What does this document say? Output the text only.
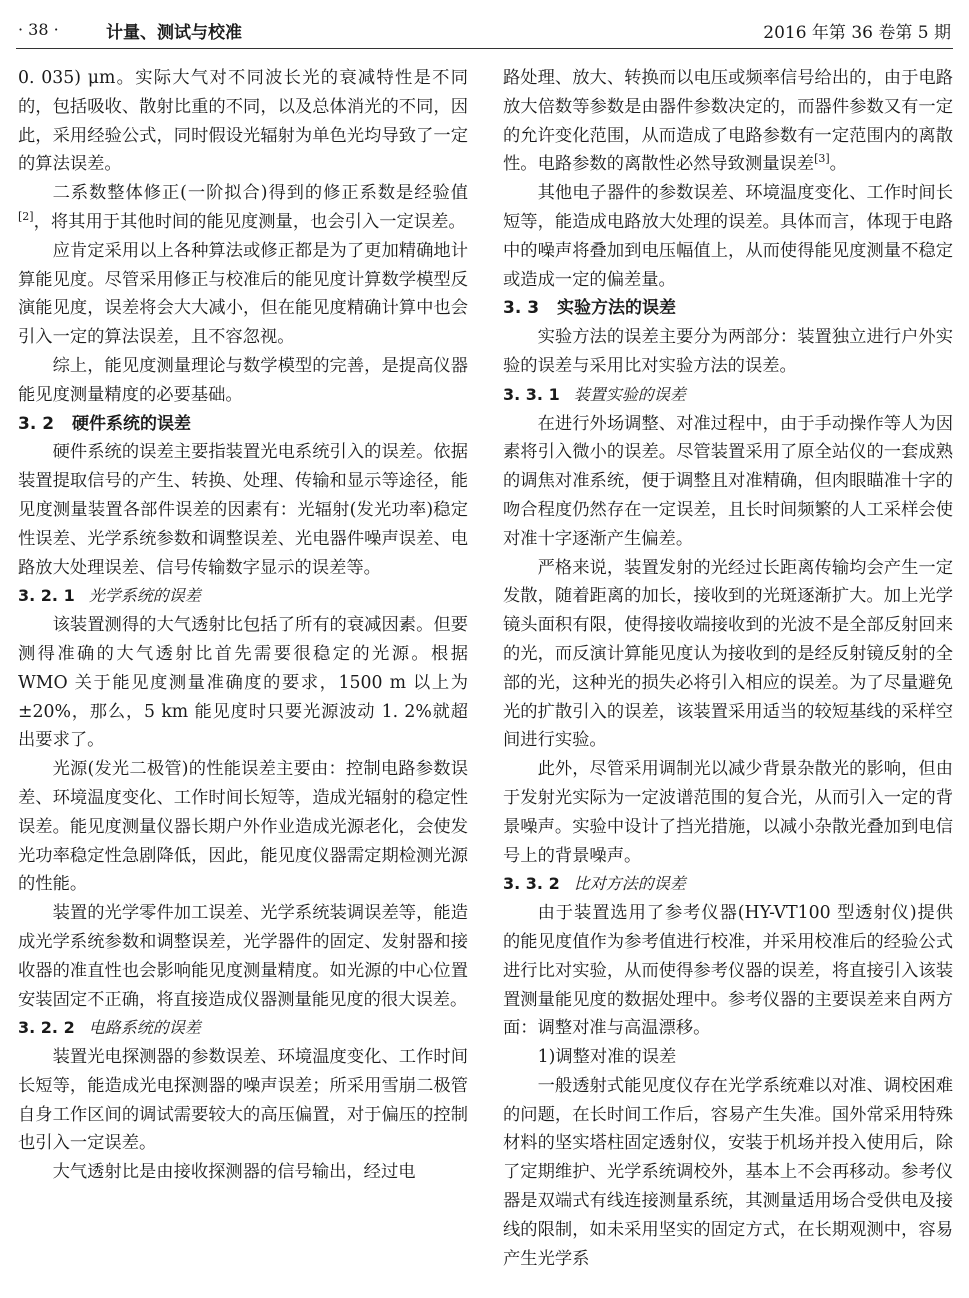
· 38 ·	计量、测试与校准	2016 年第 36 卷第 5 期

0. 035) μm。实际大气对不同波长光的衰减特性是不同的，包括吸收、散射比重的不同，以及总体消光的不同，因此，采用经验公式，同时假设光辐射为单色光均导致了一定的算法误差。

二系数整体修正(一阶拟合)得到的修正系数是经验值[2]，将其用于其他时间的能见度测量，也会引入一定误差。

应肯定采用以上各种算法或修正都是为了更加精确地计算能见度。尽管采用修正与校准后的能见度计算数学模型反演能见度，误差将会大大减小，但在能见度精确计算中也会引入一定的算法误差，且不容忽视。

综上，能见度测量理论与数学模型的完善，是提高仪器能见度测量精度的必要基础。

3. 2 硬件系统的误差

硬件系统的误差主要指装置光电系统引入的误差。依据装置提取信号的产生、转换、处理、传输和显示等途径，能见度测量装置各部件误差的因素有：光辐射(发光功率)稳定性误差、光学系统参数和调整误差、光电器件噪声误差、电路放大处理误差、信号传输数字显示的误差等。

3. 2. 1 光学系统的误差

该装置测得的大气透射比包括了所有的衰减因素。但要测得准确的大气透射比首先需要很稳定的光源。根据 WMO 关于能见度测量准确度的要求，1500 m 以上为±20%，那么，5 km 能见度时只要光源波动 1. 2%就超出要求了。

光源(发光二极管)的性能误差主要由：控制电路参数误差、环境温度变化、工作时间长短等，造成光辐射的稳定性误差。能见度测量仪器长期户外作业造成光源老化，会使发光功率稳定性急剧降低，因此，能见度仪器需定期检测光源的性能。

装置的光学零件加工误差、光学系统装调误差等，能造成光学系统参数和调整误差，光学器件的固定、发射器和接收器的准直性也会影响能见度测量精度。如光源的中心位置安装固定不正确，将直接造成仪器测量能见度的很大误差。

3. 2. 2 电路系统的误差

装置光电探测器的参数误差、环境温度变化、工作时间长短等，能造成光电探测器的噪声误差；所采用雪崩二极管自身工作区间的调试需要较大的高压偏置，对于偏压的控制也引入一定误差。

大气透射比是由接收探测器的信号输出，经过电

路处理、放大、转换而以电压或频率信号给出的，由于电路放大倍数等参数是由器件参数决定的，而器件参数又有一定的允许变化范围，从而造成了电路参数有一定范围内的离散性。电路参数的离散性必然导致测量误差[3]。

其他电子器件的参数误差、环境温度变化、工作时间长短等，能造成电路放大处理的误差。具体而言，体现于电路中的噪声将叠加到电压幅值上，从而使得能见度测量不稳定或造成一定的偏差量。

3. 3 实验方法的误差

实验方法的误差主要分为两部分：装置独立进行户外实验的误差与采用比对实验方法的误差。

3. 3. 1 装置实验的误差

在进行外场调整、对准过程中，由于手动操作等人为因素将引入微小的误差。尽管装置采用了原全站仪的一套成熟的调焦对准系统，便于调整且对准精确，但肉眼瞄准十字的吻合程度仍然存在一定误差，且长时间频繁的人工采样会使对准十字逐渐产生偏差。

严格来说，装置发射的光经过长距离传输均会产生一定发散，随着距离的加长，接收到的光斑逐渐扩大。加上光学镜头面积有限，使得接收端接收到的光波不是全部反射回来的光，而反演计算能见度认为接收到的是经反射镜反射的全部的光，这种光的损失必将引入相应的误差。为了尽量避免光的扩散引入的误差，该装置采用适当的较短基线的采样空间进行实验。

此外，尽管采用调制光以减少背景杂散光的影响，但由于发射光实际为一定波谱范围的复合光，从而引入一定的背景噪声。实验中设计了挡光措施，以减小杂散光叠加到电信号上的背景噪声。

3. 3. 2 比对方法的误差

由于装置选用了参考仪器(HY-VT100 型透射仪)提供的能见度值作为参考值进行校准，并采用校准后的经验公式进行比对实验，从而使得参考仪器的误差，将直接引入该装置测量能见度的数据处理中。参考仪器的主要误差来自两方面：调整对准与高温漂移。

1)调整对准的误差

一般透射式能见度仪存在光学系统难以对准、调校困难的问题，在长时间工作后，容易产生失准。国外常采用特殊材料的坚实塔柱固定透射仪，安装于机场并投入使用后，除了定期维护、光学系统调校外，基本上不会再移动。参考仪器是双端式有线连接测量系统，其测量适用场合受供电及接线的限制，如未采用坚实的固定方式，在长期观测中，容易产生光学系
